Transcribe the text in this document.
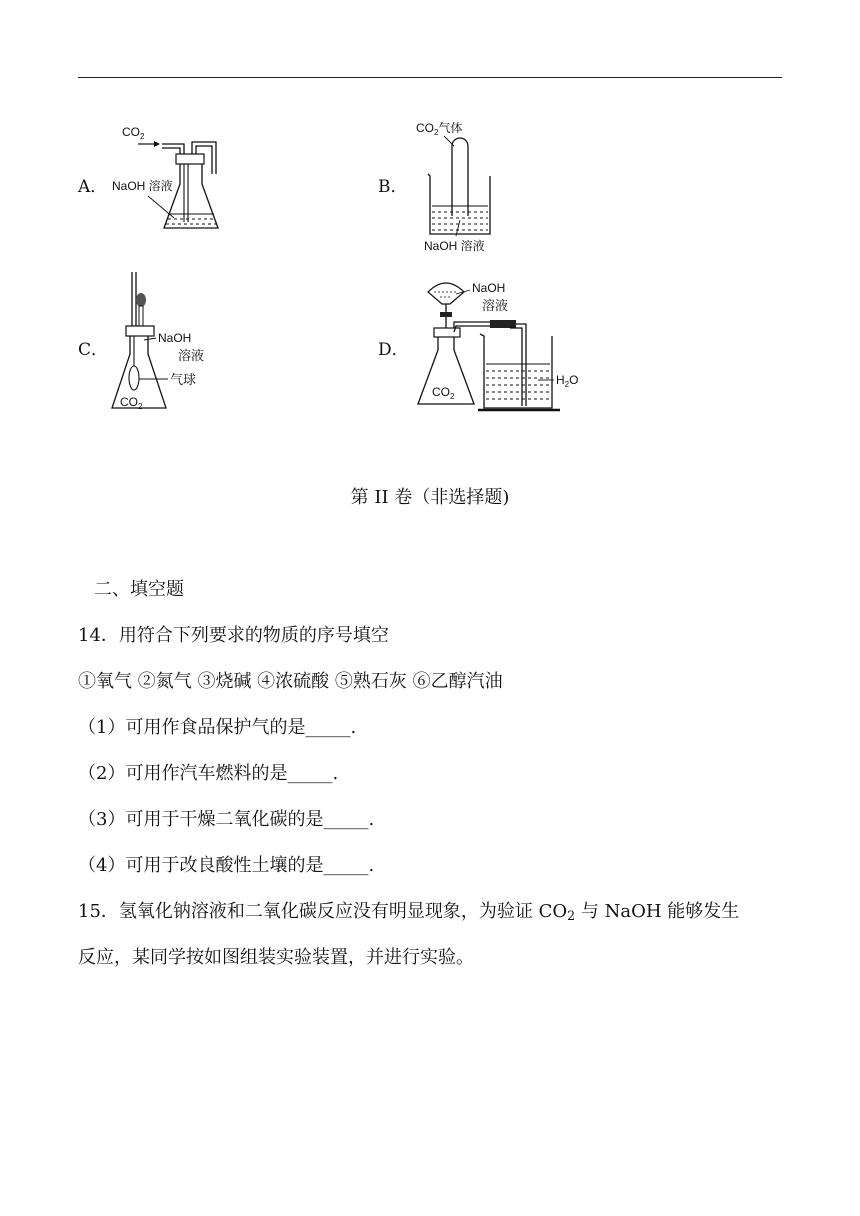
A．
$CO_2$
NaOH 溶液	B．
$CO_2$气体
NaOH 溶液
C．
NaOH
溶液
气球
$CO_2$
D．
$CO_2$
NaOH
溶液
$H_2O$
第 II 卷（非选择题)
二、填空题
14．用符合下列要求的物质的序号填空
①氧气 ②氮气 ③烧碱 ④浓硫酸 ⑤熟石灰 ⑥乙醇汽油
（1）可用作食品保护气的是_____.
（2）可用作汽车燃料的是_____.
（3）可用于干燥二氧化碳的是_____.
（4）可用于改良酸性土壤的是_____.
15．氢氧化钠溶液和二氧化碳反应没有明显现象，为验证 $CO_2$ 与 NaOH 能够发生
反应，某同学按如图组装实验装置，并进行实验。
